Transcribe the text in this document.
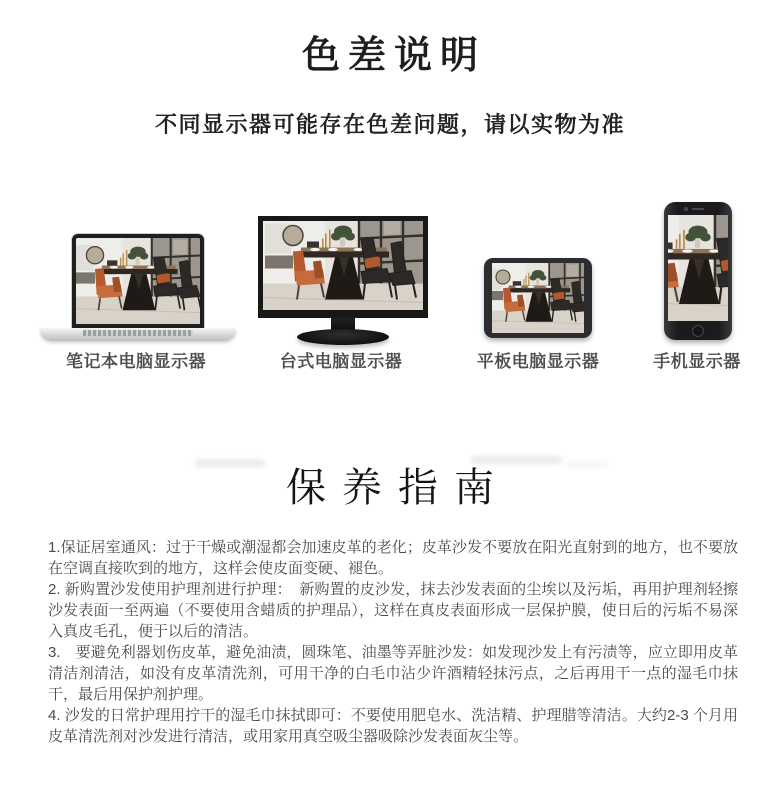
色差说明
不同显示器可能存在色差问题，请以实物为准
笔记本电脑显示器	台式电脑显示器	平板电脑显示器	手机显示器
保养指南

1.保证居室通风：过于干燥或潮湿都会加速皮革的老化；皮革沙发不要放在阳光直射到的地方，也不要放在空调直接吹到的地方，这样会使皮面变硬、褪色。

2. 新购置沙发使用护理剂进行护理：　新购置的皮沙发，抹去沙发表面的尘埃以及污垢，再用护理剂轻擦沙发表面一至两遍（不要使用含蜡质的护理品），这样在真皮表面形成一层保护膜，使日后的污垢不易深入真皮毛孔，便于以后的清洁。

3.　要避免利器划伤皮革，避免油渍，圆珠笔、油墨等弄脏沙发：如发现沙发上有污渍等，应立即用皮革清洁剂清洁，如没有皮革清洗剂，可用干净的白毛巾沾少许酒精轻抹污点，之后再用干一点的湿毛巾抹干，最后用保护剂护理。

4. 沙发的日常护理用拧干的湿毛巾抹拭即可：不要使用肥皂水、洗洁精、护理腊等清洁。大约2-3 个月用皮革清洗剂对沙发进行清洁，或用家用真空吸尘器吸除沙发表面灰尘等。
